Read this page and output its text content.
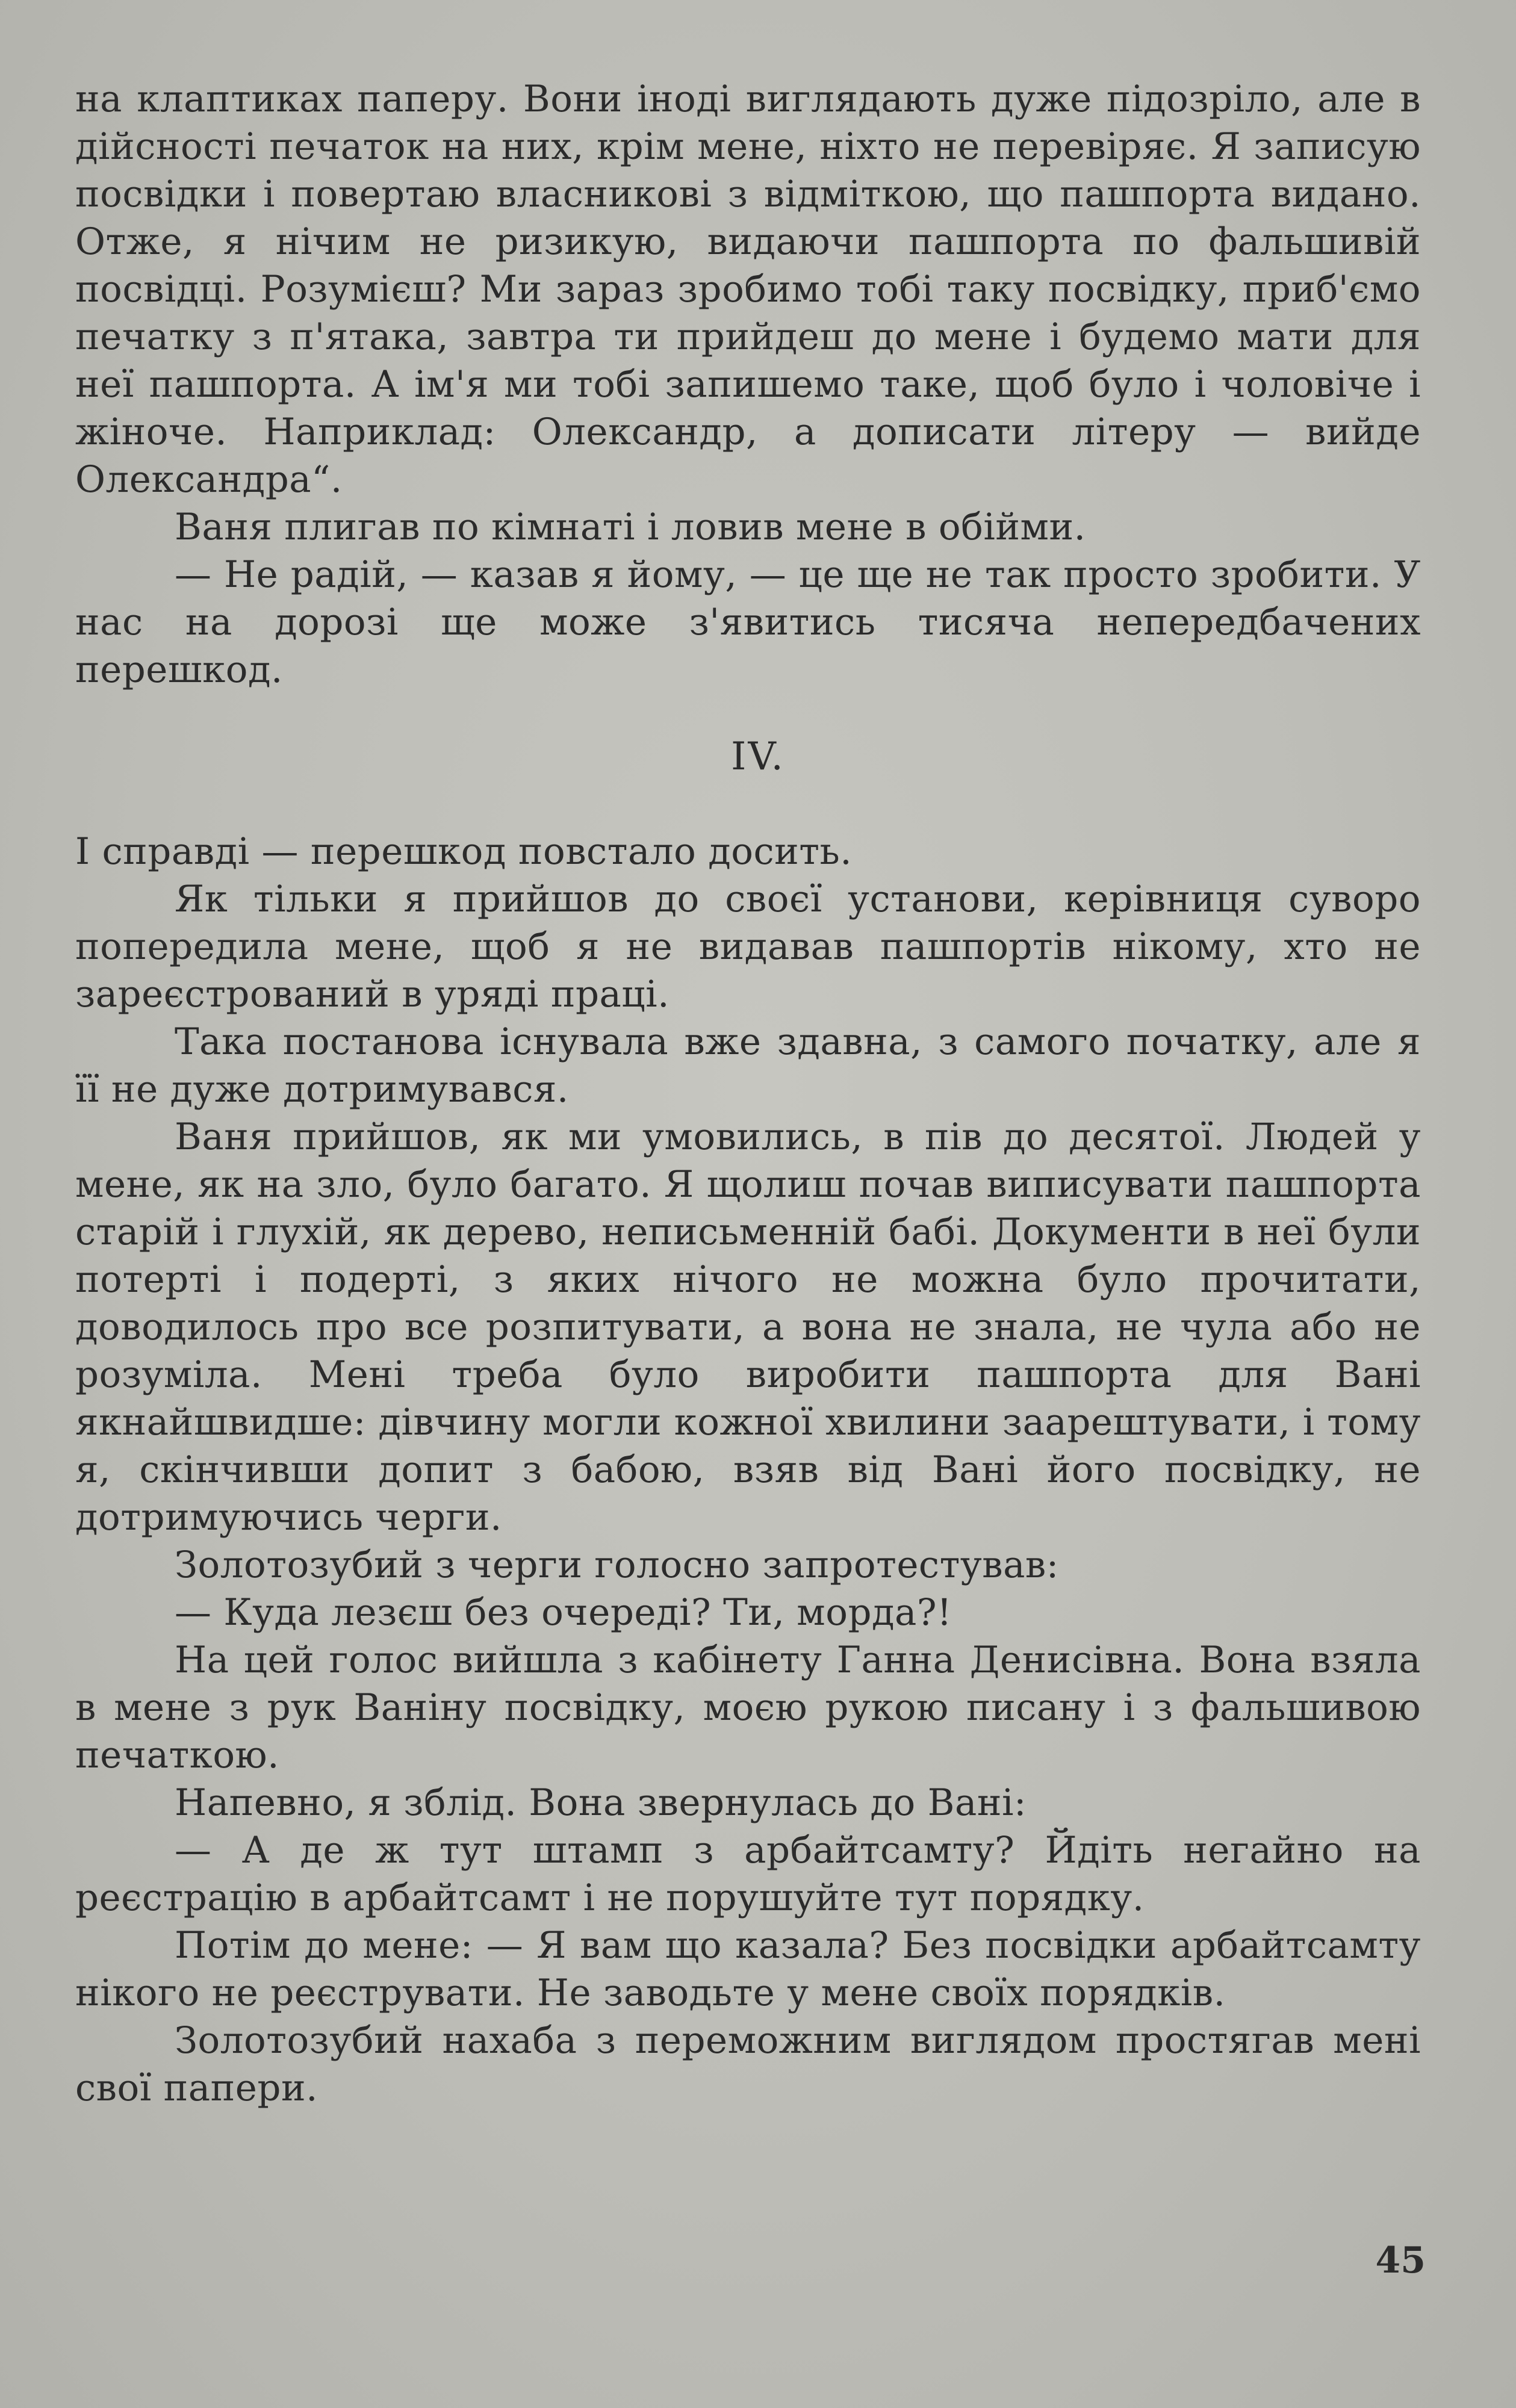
на клаптиках паперу. Вони іноді виглядають дуже підозріло, але в дійсності печаток на них, крім мене, ніхто не перевіряє. Я записую посвідки і повертаю власникові з відміткою, що пашпорта видано. Отже, я нічим не ризикую, видаючи пашпорта по фальшивій посвідці. Розумієш? Ми зараз зробимо тобі таку посвідку, приб'ємо печатку з п'ятака, завтра ти прийдеш до мене і будемо мати для неї пашпорта. А ім'я ми тобі запишемо таке, щоб було і чоловіче і жіноче. Наприклад: Олександр, а дописати літеру — вийде Олександра“.

Ваня плигав по кімнаті і ловив мене в обійми.

— Не радій, — казав я йому, — це ще не так просто зробити. У нас на дорозі ще може з'явитись тисяча непередбачених перешкод.

IV.

І справді — перешкод повстало досить.

Як тільки я прийшов до своєї установи, керівниця суворо попередила мене, щоб я не видавав пашпортів нікому, хто не зареєстрований в уряді праці.

Така постанова існувала вже здавна, з самого початку, але я її не дуже дотримувався.

Ваня прийшов, як ми умовились, в пів до десятої. Людей у мене, як на зло, було багато. Я щолиш почав виписувати пашпорта старій і глухій, як дерево, неписьменній бабі. Документи в неї були потерті і подерті, з яких нічого не можна було прочитати, доводилось про все розпитувати, а вона не знала, не чула або не розуміла. Мені треба було виробити пашпорта для Вані якнайшвидше: дівчину могли кожної хвилини заарештувати, і тому я, скінчивши допит з бабою, взяв від Вані його посвідку, не дотримуючись черги.

Золотозубий з черги голосно запротестував:

— Куда лезєш без очереді? Ти, морда?!

На цей голос вийшла з кабінету Ганна Денисівна. Вона взяла в мене з рук Ванiну посвідку, моєю рукою писану і з фальшивою печаткою.

Напевно, я зблід. Вона звернулась до Вані:

— А де ж тут штамп з арбайтсамту? Йдіть негайно на реєстрацію в арбайтсамт і не порушуйте тут порядку.

Потім до мене: — Я вам що казала? Без посвідки арбайтсамту нікого не реєструвати. Не заводьте у мене своїх порядків.

Золотозубий нахаба з переможним виглядом простягав мені свої папери.

45
